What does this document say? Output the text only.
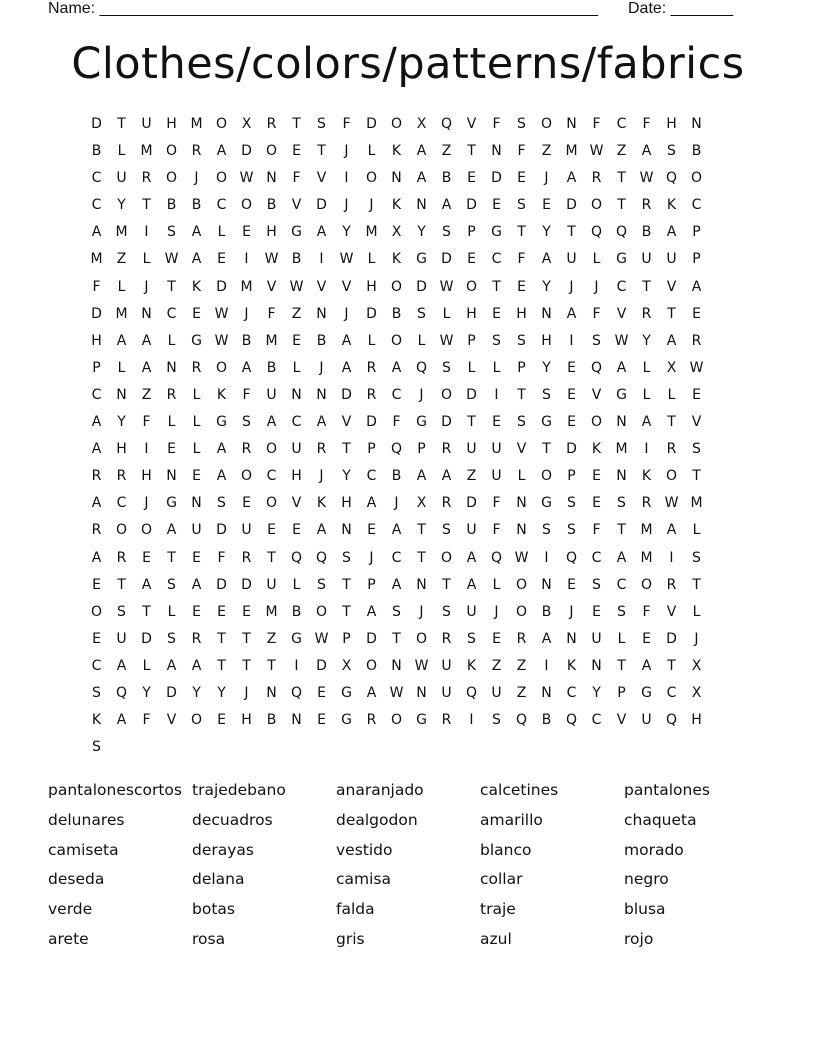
Name: ________________________________________________________ Date: _______
Clothes/colors/patterns/fabrics
D	T	U	H M O	X	R	T	S	F	D	O	X	Q	V	F	S	O	N	F	C	F	H	N
B	L	M O	R	A	D	O	E	T	J	L	K	A	Z	T	N	F	Z	M W Z	A	S	B
C	U	R	O	J	O W N	F	V	I	O	N	A	B	E	D	E	J	A	R	T W Q O
C	Y	T	B	B	C	O	B	V	D	J	J	K	N	A	D	E	S	E	D	O	T	R	K	C
A	M	I	S	A	L	E	H	G	A	Y	M	X	Y	S	P	G	T	Y	T	Q Q	B	A	P
M	Z	L	W A	E	I	W B	I	W	L	K	G	D	E	C	F	A	U	L	G	U	U	P
F	L	J	T	K	D M	V W V	V	H	O	D W O	T	E	Y	J	J	C	T	V	A
D M N	C	E W	J	F	Z	N	J	D	B	S	L	H	E	H	N	A	F	V	R	T	E
H	A	A	L	G W B	M	E	B	A	L	O	L	W P	S	S	H	I	S W Y	A	R
P	L	A	N	R	O	A	B	L	J	A	R	A	Q	S	L	L	P	Y	E	Q	A	L	X W
C	N	Z	R	L	K	F	U	N	N	D	R	C	J	O	D	I	T	S	E	V	G	L	L	E
A	Y	F	L	L	G	S	A	C	A	V	D	F	G	D	T	E	S	G	E	O	N	A	T	V
A	H	I	E	L	A	R	O	U	R	T	P	Q	P	R	U	U	V	T	D	K	M	I	R	S
R	R	H	N	E	A	O	C	H	J	Y	C	B	A	A	Z	U	L	O	P	E	N	K	O	T
A	C	J	G	N	S	E	O	V	K	H	A	J	X	R	D	F	N	G	S	E	S	R W M
R	O O	A	U	D	U	E	E	A	N	E	A	T	S	U	F	N	S	S	F	T	M	A	L
A	R	E	T	E	F	R	T	Q Q	S	J	C	T	O	A	Q W	I	Q	C	A	M	I	S
E	T	A	S	A	D	D	U	L	S	T	P	A	N	T	A	L	O	N	E	S	C	O	R	T
O	S	T	L	E	E	E	M	B	O	T	A	S	J	S	U	J	O	B	J	E	S	F	V	L
E	U	D	S	R	T	T	Z	G W P	D	T	O	R	S	E	R	A	N	U	L	E	D	J
C	A	L	A	A	T	T	T	I	D	X	O	N W U	K	Z	Z	I	K	N	T	A	T	X
S	Q	Y	D	Y	Y	J	N	Q	E	G	A W N	U	Q	U	Z	N	C	Y	P	G	C	X
K	A	F	V	O	E	H	B	N	E	G	R	O	G	R	I	S	Q	B	Q	C	V	U	Q	H
S
pantalonescortos trajedebano	anaranjado	calcetines	pantalones
delunares	decuadros	dealgodon	amarillo	chaqueta
camiseta	derayas	vestido	blanco	morado
deseda	delana	camisa	collar	negro
verde	botas	falda	traje	blusa
arete	rosa	gris	azul	rojo
